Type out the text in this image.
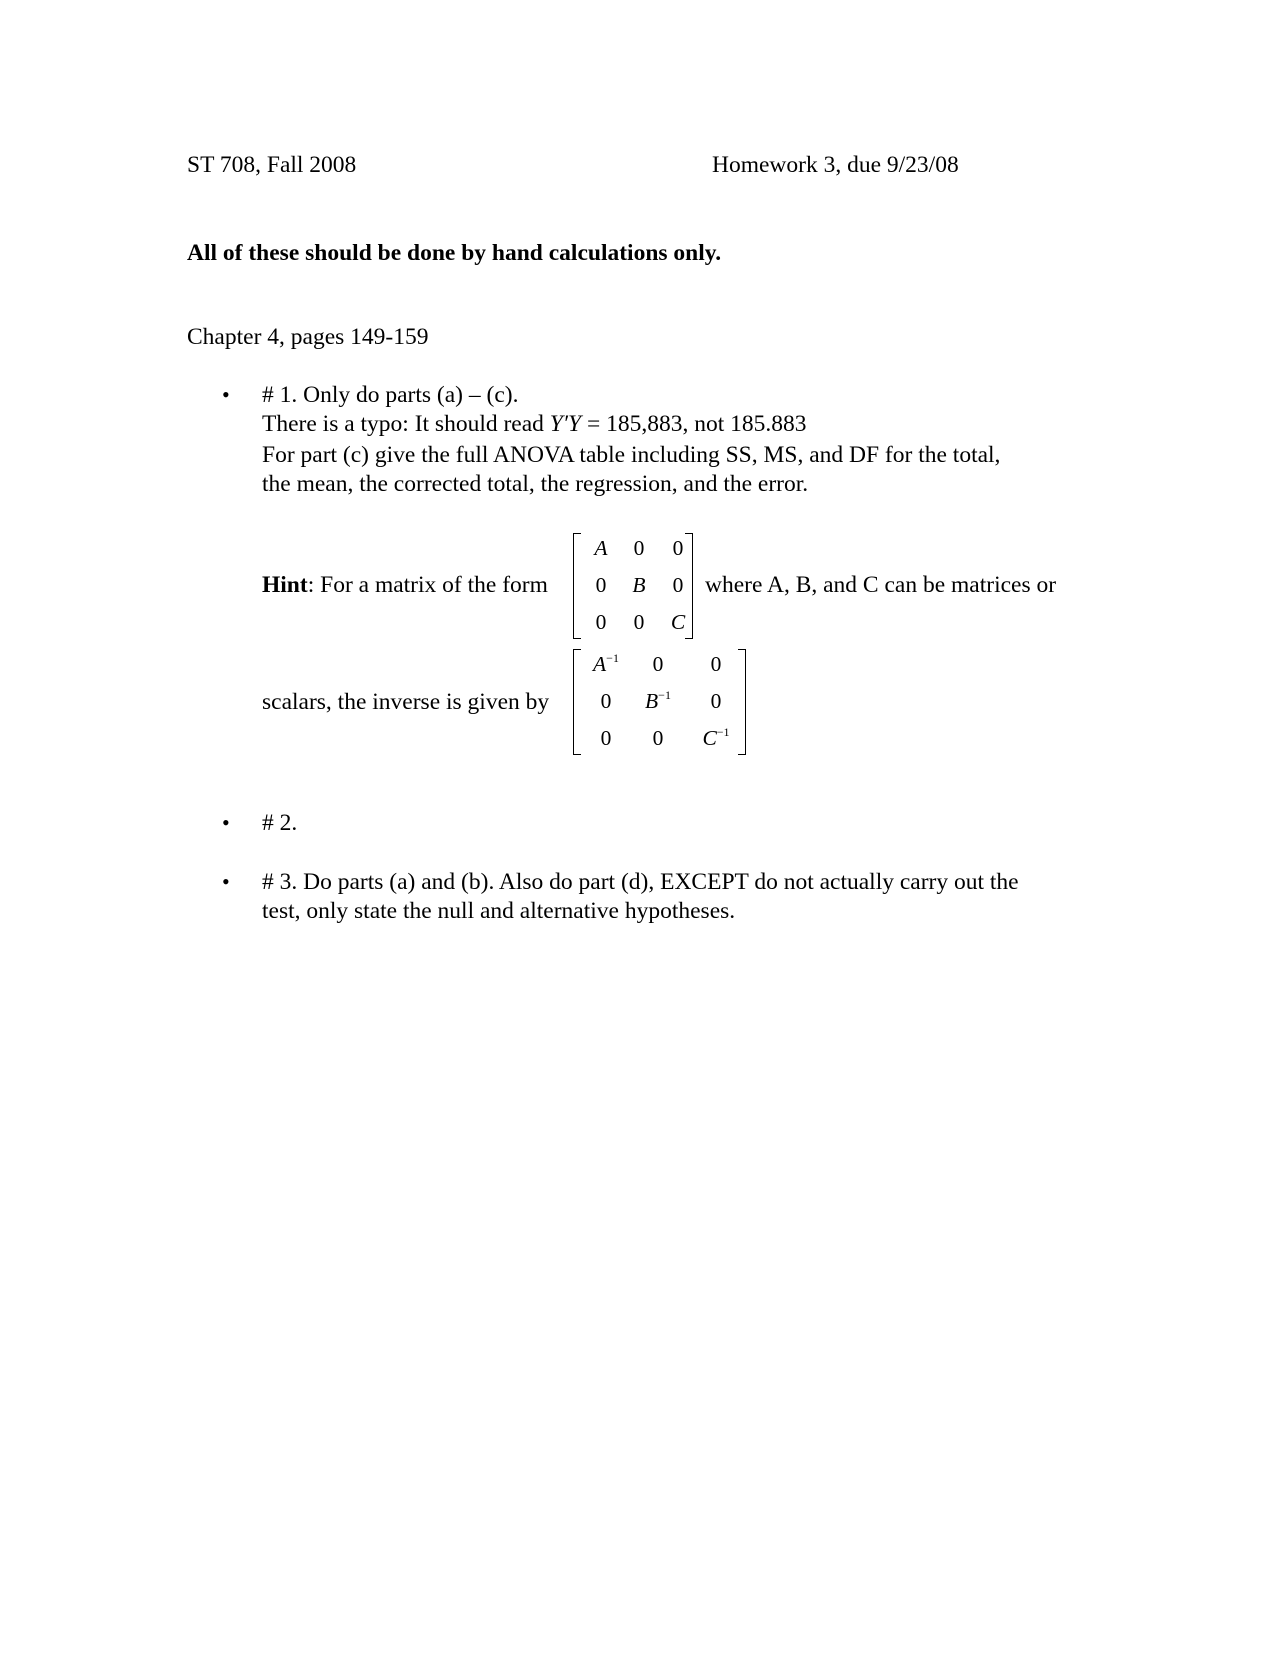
ST 708, Fall 2008	Homework 3, due 9/23/08
All of these should be done by hand calculations only.
Chapter 4, pages 149-159
• # 1. Only do parts (a) – (c).
There is a typo: It should read Y′Y = 185,883, not 185.883
For part (c) give the full ANOVA table including SS, MS, and DF for the total,
the mean, the corrected total, the regression, and the error.
Hint: For a matrix of the form
A	0	0
0	B	0
0	0	C
where A, B, and C can be matrices or
scalars, the inverse is given by
$A^{-1}$	0	0
0	$B^{-1}$	0
0	0	$C^{-1}$
• # 2.
• # 3. Do parts (a) and (b). Also do part (d), EXCEPT do not actually carry out the
test, only state the null and alternative hypotheses.
